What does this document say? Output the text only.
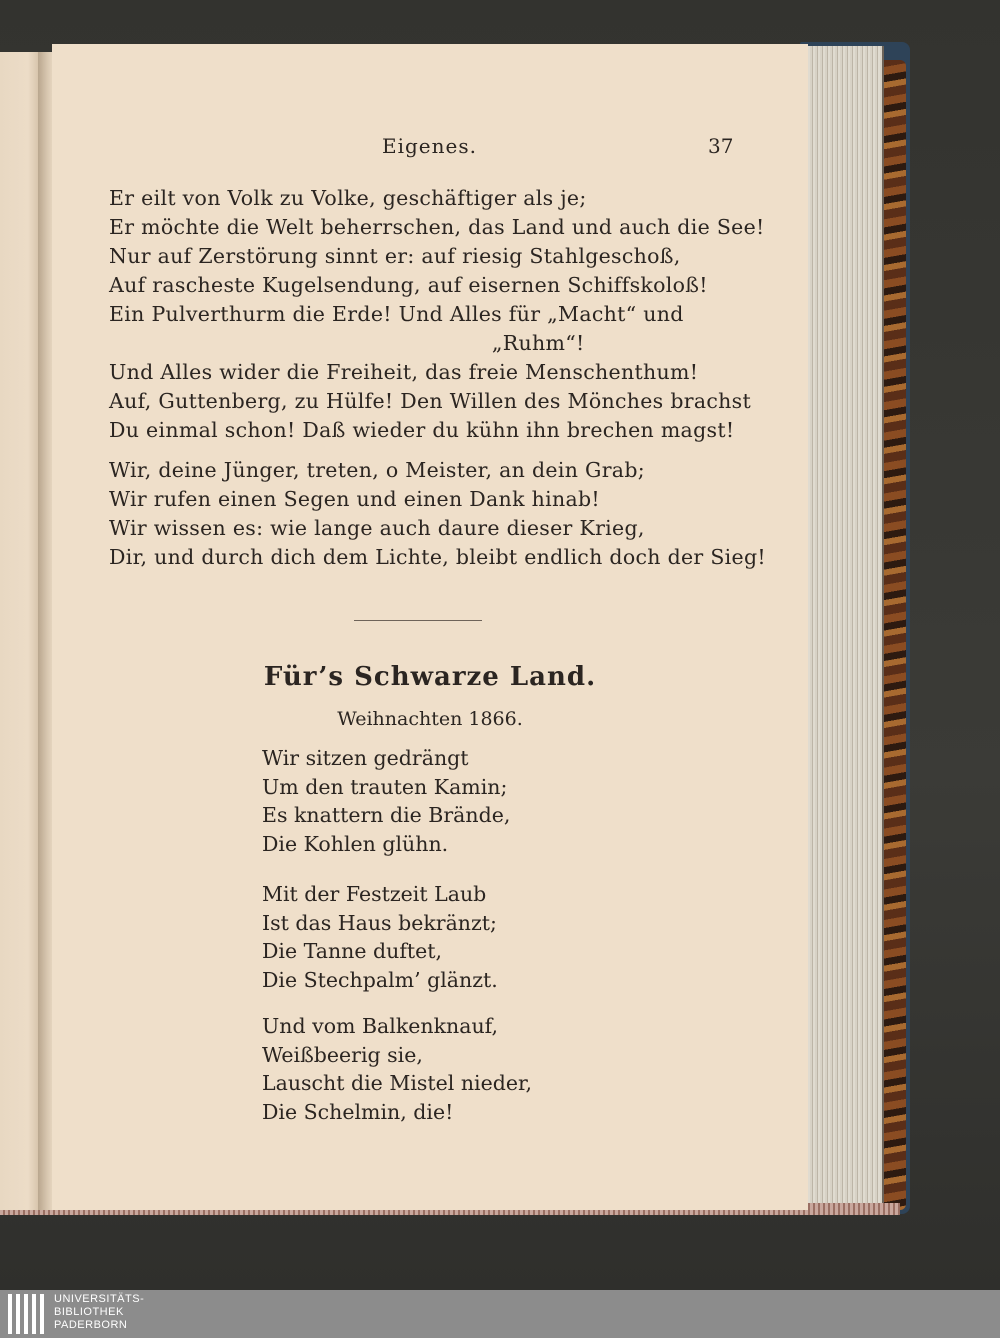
Eigenes.	37
Er eilt von Volk zu Volke, geschäftiger als je;
Er möchte die Welt beherrschen, das Land und auch die See!
Nur auf Zerstörung sinnt er: auf riesig Stahlgeschoß,
Auf rascheste Kugelsendung, auf eisernen Schiffskoloß!
Ein Pulverthurm die Erde! Und Alles für „Macht“ und
„Ruhm“!
Und Alles wider die Freiheit, das freie Menschenthum!
Auf, Guttenberg, zu Hülfe! Den Willen des Mönches brachst
Du einmal schon! Daß wieder du kühn ihn brechen magst!
Wir, deine Jünger, treten, o Meister, an dein Grab;
Wir rufen einen Segen und einen Dank hinab!
Wir wissen es: wie lange auch daure dieser Krieg,
Dir, und durch dich dem Lichte, bleibt endlich doch der Sieg!
Für’s Schwarze Land.
Weihnachten 1866.
Wir sitzen gedrängt
Um den trauten Kamin;
Es knattern die Brände,
Die Kohlen glühn.
Mit der Festzeit Laub
Ist das Haus bekränzt;
Die Tanne duftet,
Die Stechpalm’ glänzt.
Und vom Balkenknauf,
Weißbeerig sie,
Lauscht die Mistel nieder,
Die Schelmin, die!
UNIVERSITÄTS-
BIBLIOTHEK
PADERBORN
